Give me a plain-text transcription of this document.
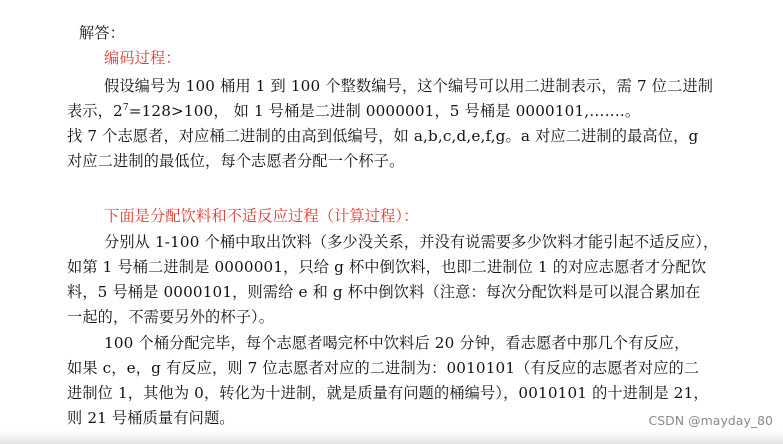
解答：
编码过程：
假设编号为 100 桶用 1 到 100 个整数编号，这个编号可以用二进制表示，需 7 位二进制
表示，$2^7=128>100$， 如 1 号桶是二进制 0000001，5 号桶是 0000101,…….。
找 7 个志愿者，对应桶二进制的由高到低编号，如 a,b,c,d,e,f,g。a 对应二进制的最高位，g
对应二进制的最低位，每个志愿者分配一个杯子。
下面是分配饮料和不适反应过程（计算过程）：
分别从 1-100 个桶中取出饮料（多少没关系，并没有说需要多少饮料才能引起不适反应），
如第 1 号桶二进制是 0000001，只给 g 杯中倒饮料，也即二进制位 1 的对应志愿者才分配饮
料，5 号桶是 0000101，则需给 e 和 g 杯中倒饮料（注意：每次分配饮料是可以混合累加在
一起的，不需要另外的杯子）。
100 个桶分配完毕，每个志愿者喝完杯中饮料后 20 分钟，看志愿者中那几个有反应，
如果 c，e，g 有反应，则 7 位志愿者对应的二进制为：0010101（有反应的志愿者对应的二
进制位 1，其他为 0，转化为十进制，就是质量有问题的桶编号），0010101 的十进制是 21，
则 21 号桶质量有问题。	CSDN @mayday_80
